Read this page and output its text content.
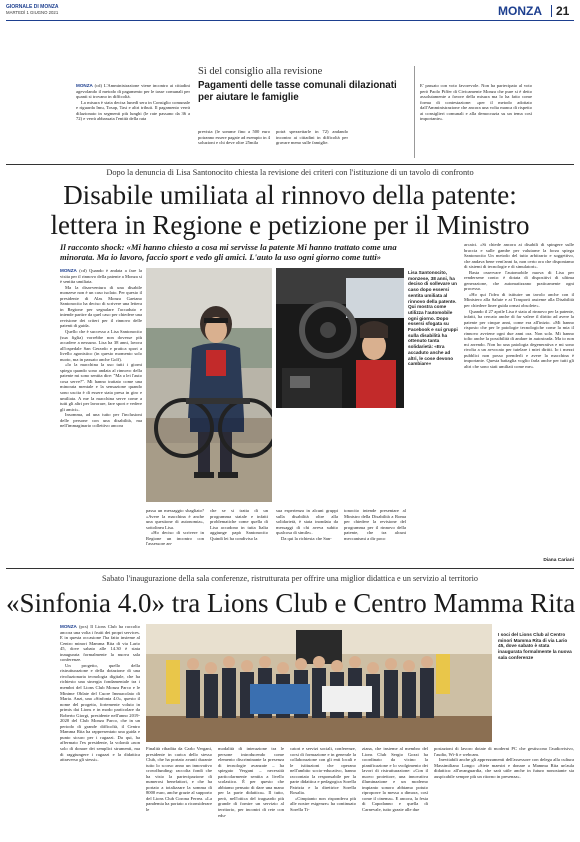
GIORNALE DI MONZA
MARTEDÌ 1 GIUGNO 2021	MONZA 21
Sì del consiglio alla revisione
Pagamenti delle tasse comunali dilazionati per aiutare le famiglie

MONZA (cd) L'Amministrazione viene incontro ai cittadini agevolando il metodo di pagamento per le tasse comunali per quanti si trovano in difficoltà.

La misura è stata decisa lunedì sera in Consiglio comunale e riguarda Imu, Tosap, Tasi e altri tributi. Il pagamento verrà dilazionato in segmenti più lunghi (le rate passano da 36 a 72) e verrà abbassata l'entità della rata

prevista (le somme fino a 500 euro potranno essere pagate ad esempio in 4 soluzioni e chi deve oltre 25mila
potrà spezzettarle in 72) andando incontro ai cittadini in difficoltà per gravare meno sulle famiglie.
E' passato con voto favorevole. Non ha partecipato al voto però Paolo Piffer di Civicamente Monza che pure si è detto assolutamente a favore della misura ma lo ha fatto come forma di contestazione: «per il metodo adottato dall'Amministrazione che ancora una volta manca di rispetto ai consiglieri comunali e alla democrazia su un tema così importante».
Dopo la denuncia di Lisa Santonocito chiesta la revisione dei criteri con l'istituzione di un tavolo di confronto
Disabile umiliata al rinnovo della patente:
lettera in Regione e petizione per il Ministro
Il racconto shock: «Mi hanno chiesto a cosa mi servisse la patente Mi hanno trattato come una minorata. Ma io lavoro, faccio sport e vedo gli amici. L'auto la uso ogni giorno come tutti»

MONZA (cd) Quando è andata a fare la visita per il rinnovo della patente a Monza si è sentita umiliata.

Ma la disavventura di una disabile monzese non è un caso isolato. Per questo il presidente di Alas Monza Gaetano Santonocito ha deciso di scrivere una lettera in Regione per segnalare l'accaduto e intende partire da quel caso per chiedere una revisione dei criteri per il rinnovo delle patenti di guida.

Quello che è successo a Lisa Santonocito (sua figlia) vorrebbe non dovesse più accadere a nessuno. Lisa ha 38 anni, lavora all'ospedale San Gerardo e pratica sport a livello agonistico (in questo momento solo nuoto, ma in passato anche Golf).

«Io la macchina la uso tutti i giorni spiega quando sono andata al rinnovo della patente mi sono sentita dire: "Ma a lei l'auto cosa serve?". Mi hanno trattato come una minorata mentale e la sensazione quando sono uscita è di essere stata presa in giro e umiliata. A me la macchina serve come a tutti gli altri per lavorare, fare sport e vedere gli amici».

Insomma, ad una tutto per l'inclusioni delle persone con una disabilità, ma nell'immaginario collettivo ancora

Lisa Santonocito, monzese, 38 anni, ha deciso di sollevare un caso dopo essersi sentita umiliata al rinnovo della patente. Qui mostra come utilizza l'automobile ogni giorno. Dopo essersi sfogata su Facebook e sui gruppi sulla disabilità ha ottenuto tanta solidarietà: «Era accaduto anche ad altri, le cose devono cambiare»

passa un messaggio sbagliato? «Avere la macchina è anche una questione di autonomia», sottolinea Lisa.

«Ho deciso di scrivere in Regione un incontro con l'assessore an-

che se si tratta di un programma statale e infatti problematiche come quella di Lisa accadono in tutta Italia aggiunge papà Santonocito Quindi lei ha condiviso la

sua esperienza in alcuni gruppi sulla disabilità oltre alla solidarietà, è stata inondata da messaggi di chi aveva subito qualcosa di simile».

Da qui la richiesta che San-

tonocito intende presentare al Ministro della Disabilità a Roma per chiedere la revisione del programma per il rinnovo della patente, che tra alcuni meccanismi a dir poco

arcaici. «Si chiede ancora ai disabili di spingere sulle braccia e sulle gambe per valutarne la forza spiega Santonocito Un metodo del tutto arbitrario e soggettivo, che andava bene vent'anni fa, non certo ora che disponiamo di sistemi di tecnologie e di simulatori».

Basta osservare l'automobile nuova di Lisa per rendersene conto: è dotata di dispositivi di ultima generazione, che automatizzano praticamente ogni processo.

«Ho qui l'idea di istituire un tavolo anche con il Ministero alla Salute e ai Trasporti assieme alla Disabilità per chiedere linee guida ormai obsolete».

Quando il 27 aprile Lisa è stata al rinnovo per la patente, infatti, ha cercato anche di far valere il diritto ad avere la patente per cinque anni, come era all'inizio. «Mi hanno risposto che per le patologie tecnologiche come la mia il rinnovo avviene ogni due anni ora. Non solo. Mi hanno tolto anche la possibilità di andare in autostrada. Ma io non mi arrendo. Non ho una patologia degenerativa e mi sono rivolta a un avvocato per tutelare i miei diritti. Io i mezzi pubblici non posso prenderli e avere la macchina è importante. Questa battaglia voglio farla anche per tutti gli altri che sono stati umiliati come me».

Diana Cariani
Sabato l'inaugurazione della sala conferenze, ristrutturata per offrire una miglior didattica e un servizio al territorio
«Sinfonia 4.0» tra Lions Club e Centro Mamma Rita

MONZA (pcs) Il Lions Club ha raccolto ancora una volta i frutti dei propri services. E in questa occasione l'ha fatto insieme al Centro minori Mamma Rita di via Lario 45, dove sabato alle 14.30 è stata inaugurata formalmente la nuova sala conferenze.

Un progetto, quello della ristrutturazione e della dotazione di una rivoluzionaria tecnologia digitale, che ha richiesto una sinergia fondamentale tra i membri del Lions Club Monza Parco e le Minime Oblate del Cuore Immacolato di Maria. Anzi, una «Sinfonia 4.0», questo il nome del progetto, fortemente voluto in primis dai Lions e in modo particolare da Roberto Giorgi, presidente nell'anno 2019-2020 del Club Monza Parco, che in un periodo di grande difficoltà, il Centro Mamma Rita ha rappresentato una guida e punto sicuro per i ragazzi. Da qui, ha affermato l'ex presidente, la volontà «non solo di donare dei semplici strumenti, ma di raggiungere i ragazzi e la didattica attraverso gli stessi».

I soci del Lions Club al Centro minori Mamma Rita di via Lario 45, dove sabato è stata inaugurata formalmente la nuova sala conferenze
Finalità ribadita da Carlo Vergani, presidente in carica dello stesso Club, che ha portato avanti durante tutto lo scorso anno un innovativo crowdfunding: raccolta fondi che ha visto la partecipazione di numerosi benefattori, e che ha portato a totalizzare la somma di 8000 euro, anche grazie al supporto del Lions Club Corona Ferrea. «La pandemia ha portato a riconsiderare le
modalità di interazione tra le persone introducendo come elemento discriminante la presenza di tecnologie avanzate – ha spiegato Vergani – necessità particolarmente sentita a livello scolastico. È per questo che abbiamo pensato di dare una mano per la parte didattica». Il tutto, però, nell'ottica del traguardo più grande di fornire un servizio al territorio, per incontri di rete con edu-

catori e servizi sociali, conferenze, corsi di formazione e in generale la collaborazione con gli enti locali e le istituzioni che operano nell'ambito socio-educativo, hanno raccontato la responsabile per la parte didattica e pedagogica Sorella Patrizia e la direttrice Sorella Rosalia.

«Cimpianto non rispondeva più alle nostre esigenze» ha continuato Sorella Ti-

ziana, che insieme al membro del Lions Club Sergio Gozzi ha coordinato da vicino la pianificazione e lo svolgimento dei lavori di ristrutturazione: «Con il nuovo proiettore, una innovativa illuminazione e un moderno impianto sonoro abbiamo potuto riproporre la messa a dimora, così come il cinema». E ancora, la festa di Capodanno e quella di Carnevale, tutto grazie alle due

postazioni di lavoro dotate di moderni PC che gestiscono l'audiovisivo, l'audio, Wi-fi e webcam.

Inevitabili anche gli apprezzamenti dell'assessore con delega alla cultura Massimiliano Longo: «Siete maestri e donare a Mamma Rita un'aula didattica: all'avanguardia, che sarà utile anche in futuro nonostante sia auspicabile sempre più un ritorno in presenza».
